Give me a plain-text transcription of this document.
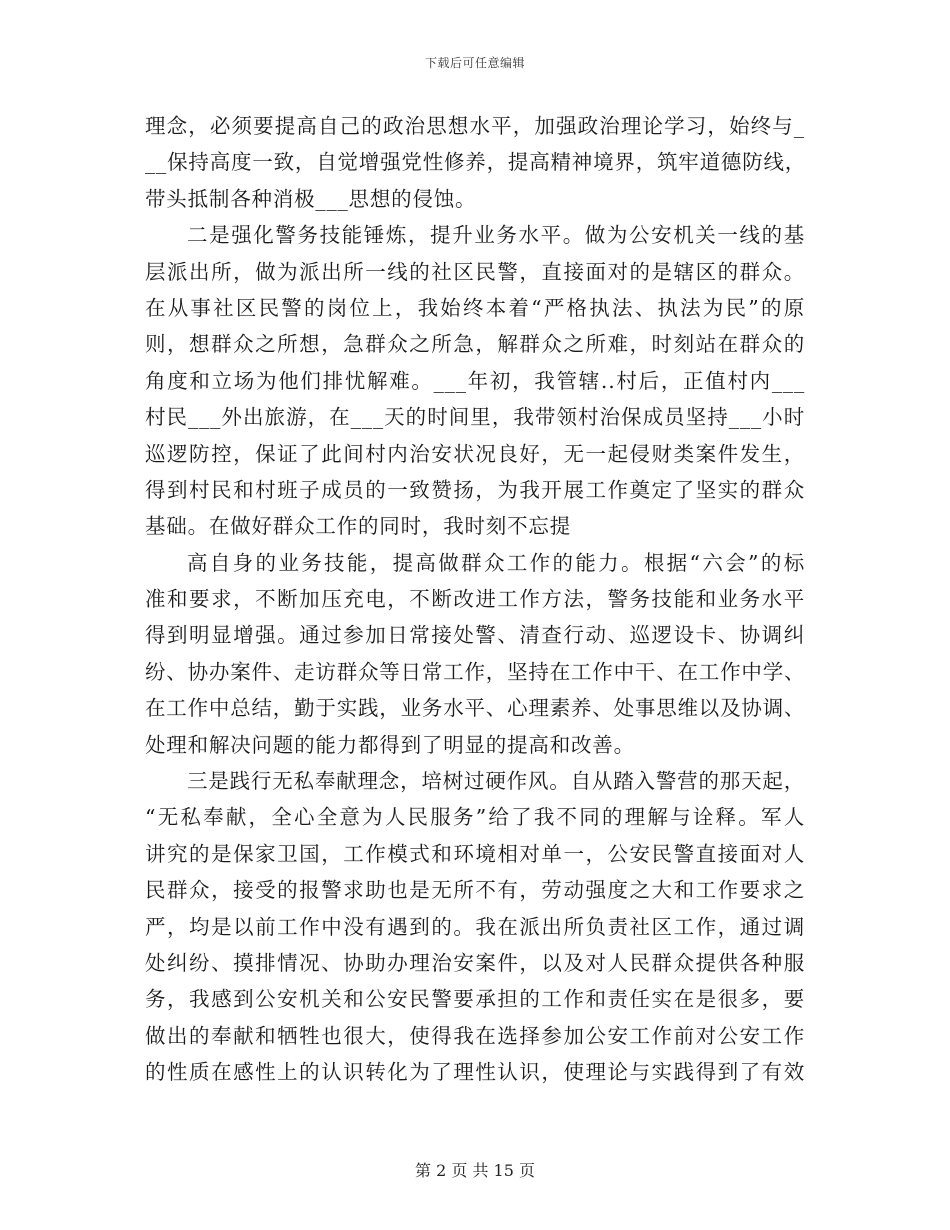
下载后可任意编辑
理念，必须要提高自己的政治思想水平，加强政治理论学习，始终与_
__保持高度一致，自觉增强党性修养，提高精神境界，筑牢道德防线，
带头抵制各种消极___思想的侵蚀。
二是强化警务技能锤炼，提升业务水平。做为公安机关一线的基
层派出所，做为派出所一线的社区民警，直接面对的是辖区的群众。
在从事社区民警的岗位上，我始终本着“严格执法、执法为民”的原
则，想群众之所想，急群众之所急，解群众之所难，时刻站在群众的
角度和立场为他们排忧解难。___年初，我管辖..村后，正值村内___
村民___外出旅游，在___天的时间里，我带领村治保成员坚持___小时
巡逻防控，保证了此间村内治安状况良好，无一起侵财类案件发生，
得到村民和村班子成员的一致赞扬，为我开展工作奠定了坚实的群众
基础。在做好群众工作的同时，我时刻不忘提
高自身的业务技能，提高做群众工作的能力。根据“六会”的标
准和要求，不断加压充电，不断改进工作方法，警务技能和业务水平
得到明显增强。通过参加日常接处警、清查行动、巡逻设卡、协调纠
纷、协办案件、走访群众等日常工作，坚持在工作中干、在工作中学、
在工作中总结，勤于实践，业务水平、心理素养、处事思维以及协调、
处理和解决问题的能力都得到了明显的提高和改善。
三是践行无私奉献理念，培树过硬作风。自从踏入警营的那天起，
“无私奉献，全心全意为人民服务”给了我不同的理解与诠释。军人
讲究的是保家卫国，工作模式和环境相对单一，公安民警直接面对人
民群众，接受的报警求助也是无所不有，劳动强度之大和工作要求之
严，均是以前工作中没有遇到的。我在派出所负责社区工作，通过调
处纠纷、摸排情况、协助办理治安案件，以及对人民群众提供各种服
务，我感到公安机关和公安民警要承担的工作和责任实在是很多，要
做出的奉献和牺牲也很大，使得我在选择参加公安工作前对公安工作
的性质在感性上的认识转化为了理性认识，使理论与实践得到了有效
第 2 页 共 15 页
